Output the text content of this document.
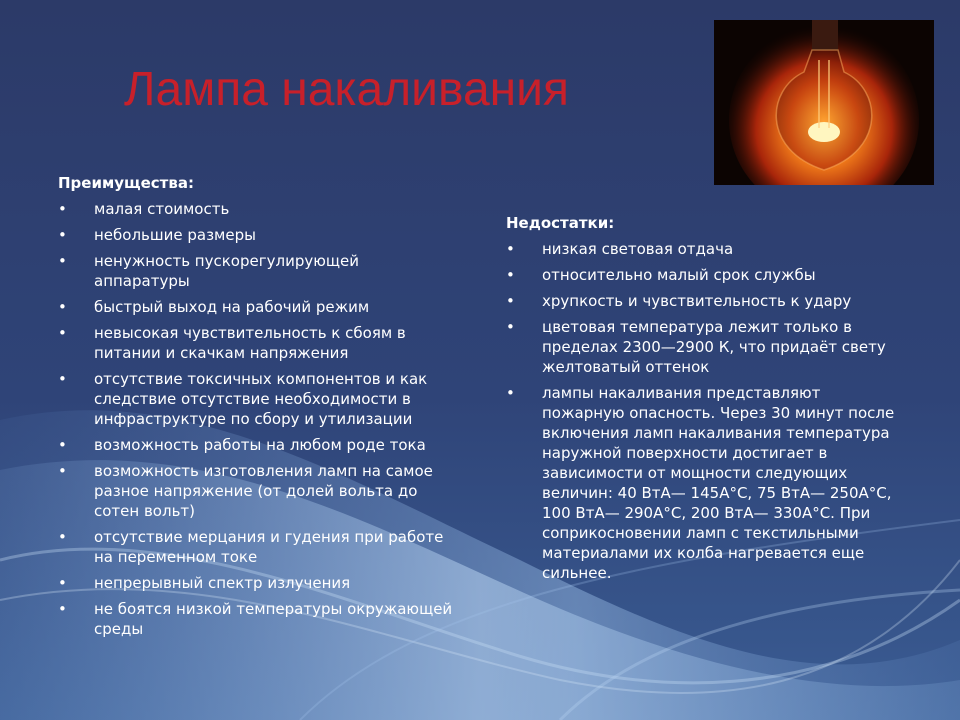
Лампа накаливания
Преимущества:
• малая стоимость
• небольшие размеры
• ненужность пускорегулирующей аппаратуры
• быстрый выход на рабочий режим
• невысокая чувствительность к сбоям в питании и скачкам напряжения
• отсутствие токсичных компонентов и как следствие отсутствие необходимости в инфраструктуре по сбору и утилизации
• возможность работы на любом роде тока
• возможность изготовления ламп на самое разное напряжение (от долей вольта до сотен вольт)
• отсутствие мерцания и гудения при работе на переменном токе
• непрерывный спектр излучения
• не боятся низкой температуры окружающей среды
Недостатки:
• низкая световая отдача
• относительно малый срок службы
• хрупкость и чувствительность к удару
• цветовая температура лежит только в пределах 2300—2900 К, что придаёт свету желтоватый оттенок
• лампы накаливания представляют пожарную опасность. Через 30 минут после включения ламп накаливания температура наружной поверхности достигает в зависимости от мощности следующих величин: 40 ВтА— 145А°С, 75 ВтА— 250А°С, 100 ВтА— 290А°С, 200 ВтА— 330А°С. При соприкосновении ламп с текстильными материалами их колба нагревается еще сильнее.
